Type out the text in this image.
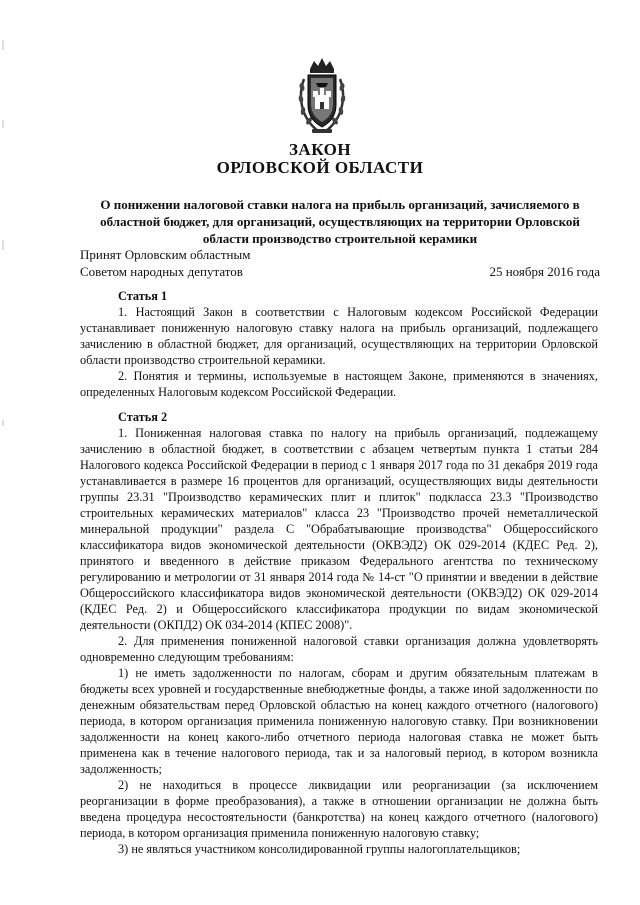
ЗАКОН
ОРЛОВСКОЙ ОБЛАСТИ
О понижении налоговой ставки налога на прибыль организаций, зачисляемого в
областной бюджет, для организаций, осуществляющих на территории Орловской
области производство строительной керамики
Принят Орловским областным
Советом народных депутатов	25 ноября 2016 года

Статья 1

1. Настоящий Закон в соответствии с Налоговым кодексом Российской Федерации устанавливает пониженную налоговую ставку налога на прибыль организаций, подлежащего зачислению в областной бюджет, для организаций, осуществляющих на территории Орловской области производство строительной керамики.

2. Понятия и термины, используемые в настоящем Законе, применяются в значениях, определенных Налоговым кодексом Российской Федерации.

Статья 2

1. Пониженная налоговая ставка по налогу на прибыль организаций, подлежащему зачислению в областной бюджет, в соответствии с абзацем четвертым пункта 1 статьи 284 Налогового кодекса Российской Федерации в период с 1 января 2017 года по 31 декабря 2019 года устанавливается в размере 16 процентов для организаций, осуществляющих виды деятельности группы 23.31 "Производство керамических плит и плиток" подкласса 23.3 "Производство строительных керамических материалов" класса 23 "Производство прочей неметаллической минеральной продукции" раздела С "Обрабатывающие производства" Общероссийского классификатора видов экономической деятельности (ОКВЭД2) ОК 029-2014 (КДЕС Ред. 2), принятого и введенного в действие приказом Федерального агентства по техническому регулированию и метрологии от 31 января 2014 года № 14-ст "О принятии и введении в действие Общероссийского классификатора видов экономической деятельности (ОКВЭД2) ОК 029-2014 (КДЕС Ред. 2) и Общероссийского классификатора продукции по видам экономической деятельности (ОКПД2) ОК 034-2014 (КПЕС 2008)".

2. Для применения пониженной налоговой ставки организация должна удовлетворять одновременно следующим требованиям:

1) не иметь задолженности по налогам, сборам и другим обязательным платежам в бюджеты всех уровней и государственные внебюджетные фонды, а также иной задолженности по денежным обязательствам перед Орловской областью на конец каждого отчетного (налогового) периода, в котором организация применила пониженную налоговую ставку. При возникновении задолженности на конец какого-либо отчетного периода налоговая ставка не может быть применена как в течение налогового периода, так и за налоговый период, в котором возникла задолженность;

2) не находиться в процессе ликвидации или реорганизации (за исключением реорганизации в форме преобразования), а также в отношении организации не должна быть введена процедура несостоятельности (банкротства) на конец каждого отчетного (налогового) периода, в котором организация применила пониженную налоговую ставку;

3) не являться участником консолидированной группы налогоплательщиков;
